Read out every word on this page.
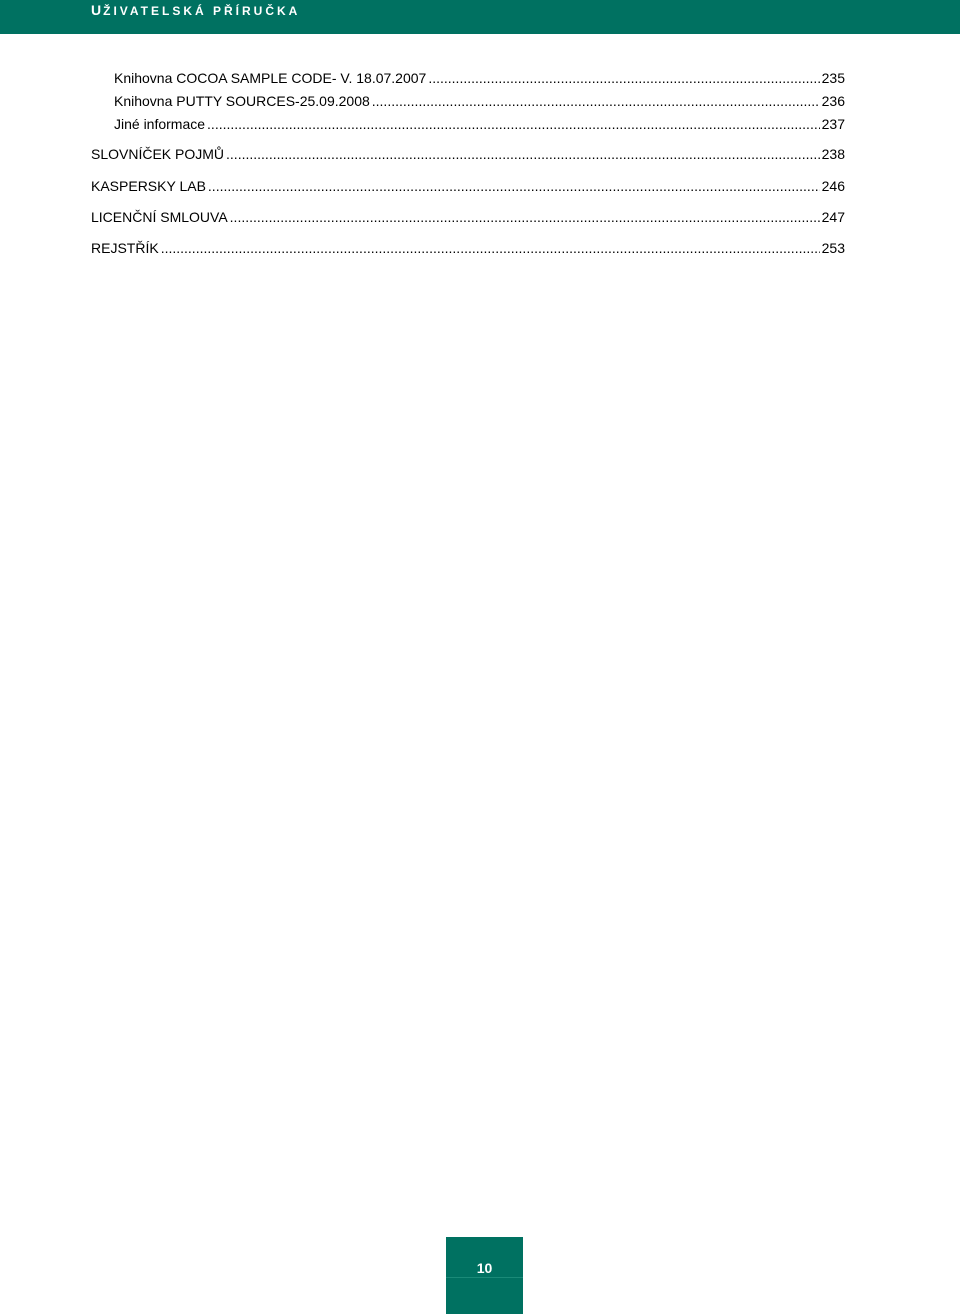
UŽIVATELSKÁ PŘÍRUČKA
Knihovna COCOA SAMPLE CODE- V. 18.07.2007 .....	235
Knihovna PUTTY SOURCES-25.09.2008 .....	236
Jiné informace .....	237
SLOVNÍČEK POJMŮ .....	238
KASPERSKY LAB .....	246
LICENČNÍ SMLOUVA .....	247
REJSTŘÍK .....	253
10
